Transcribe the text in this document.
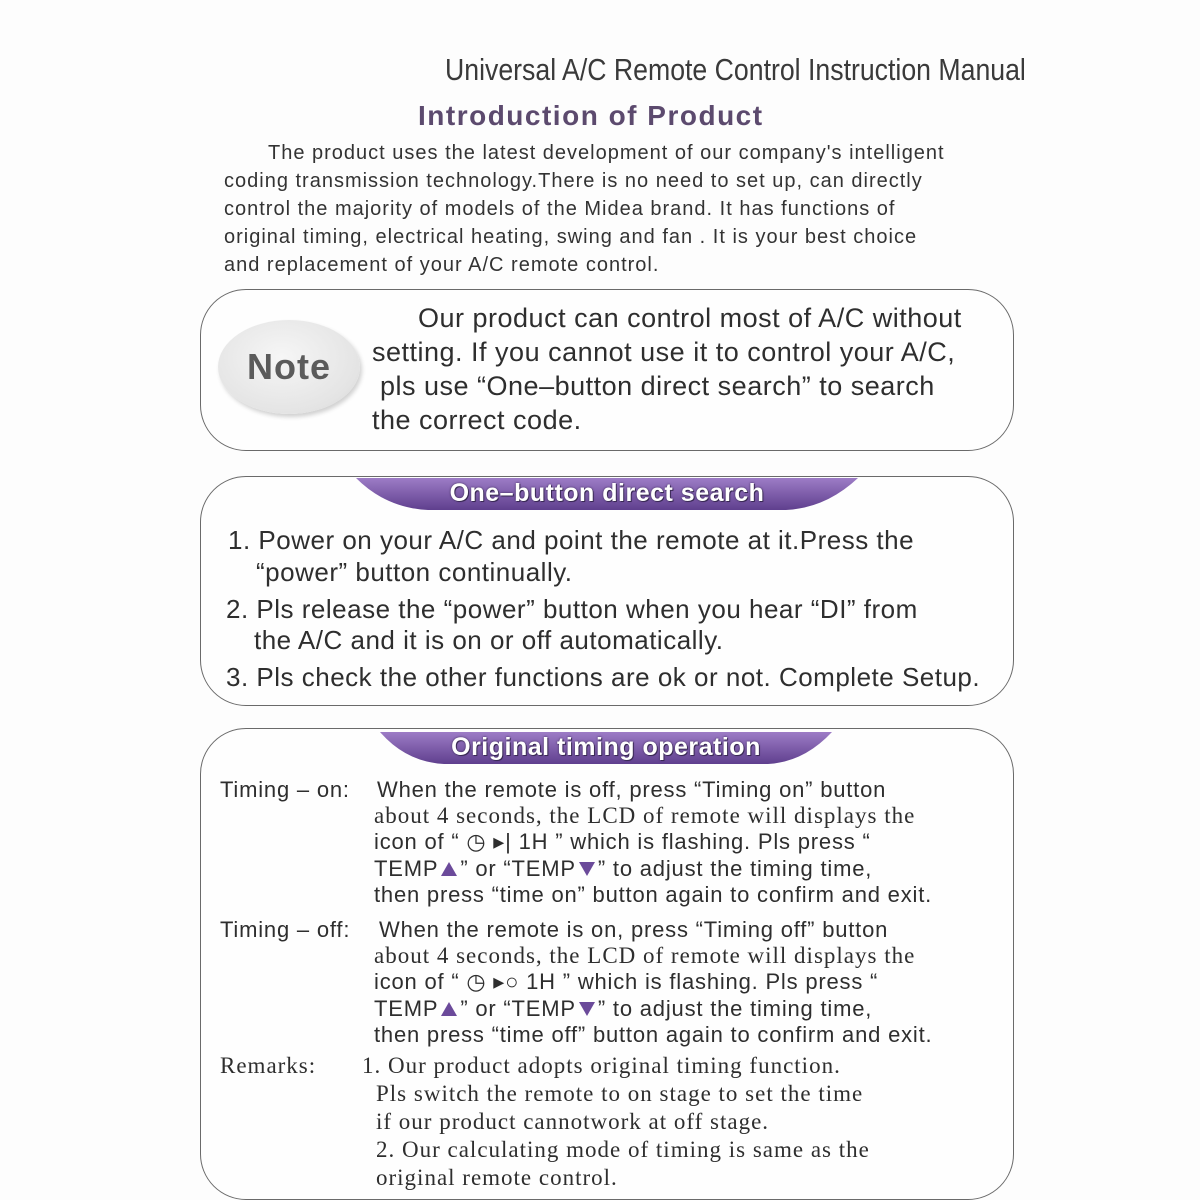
Universal A/C Remote Control Instruction Manual
Introduction of Product
The product uses the latest development of our company's intelligent
coding transmission technology.There is no need to set up, can directly
control the majority of models of the Midea brand. It has functions of
original timing, electrical heating, swing and fan . It is your best choice
and replacement of your A/C remote control.
Note
Our product can control most of A/C without
setting. If you cannot use it to control your A/C,
pls use “One–button direct search” to search
the correct code.
One–button direct search
1. Power on your A/C and point the remote at it.Press the
“power” button continually.
2. Pls release the “power” button when you hear “DI” from
the A/C and it is on or off automatically.
3. Pls check the other functions are ok or not. Complete Setup.
Original timing operation
Timing – on: When the remote is off, press “Timing on” button
about 4 seconds, the LCD of remote will displays the
icon of “ ◷ ▸| 1H ” which is flashing. Pls press “
TEMP ” or “TEMP ” to adjust the timing time,
then press “time on” button again to confirm and exit.
Timing – off: When the remote is on, press “Timing off” button
about 4 seconds, the LCD of remote will displays the
icon of “ ◷ ▸○ 1H ” which is flashing. Pls press “
TEMP ” or “TEMP ” to adjust the timing time,
then press “time off” button again to confirm and exit.
Remarks: 1. Our product adopts original timing function.
Pls switch the remote to on stage to set the time
if our product cannotwork at off stage.
2. Our calculating mode of timing is same as the
original remote control.
